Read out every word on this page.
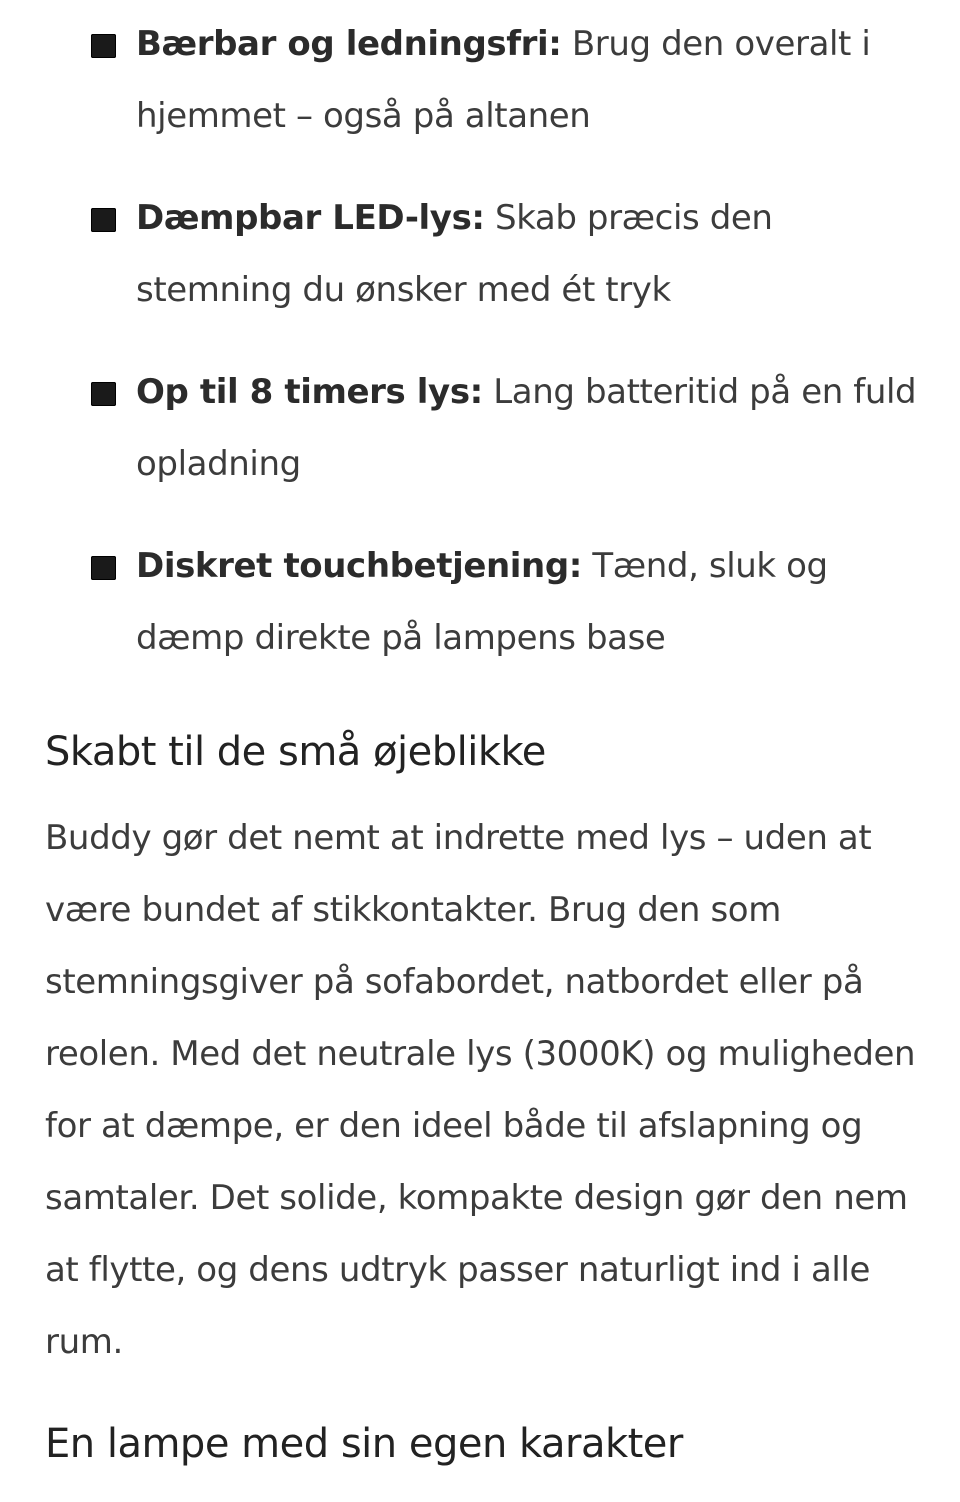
Bærbar og ledningsfri: Brug den overalt i hjemmet – også på altanen
Dæmpbar LED-lys: Skab præcis den stemning du ønsker med ét tryk
Op til 8 timers lys: Lang batteritid på en fuld opladning
Diskret touchbetjening: Tænd, sluk og dæmp direkte på lampens base
Skabt til de små øjeblikke

Buddy gør det nemt at indrette med lys – uden at være bundet af stikkontakter. Brug den som stemningsgiver på sofabordet, natbordet eller på reolen. Med det neutrale lys (3000K) og muligheden for at dæmpe, er den ideel både til afslapning og samtaler. Det solide, kompakte design gør den nem at flytte, og dens udtryk passer naturligt ind i alle rum.

En lampe med sin egen karakter
